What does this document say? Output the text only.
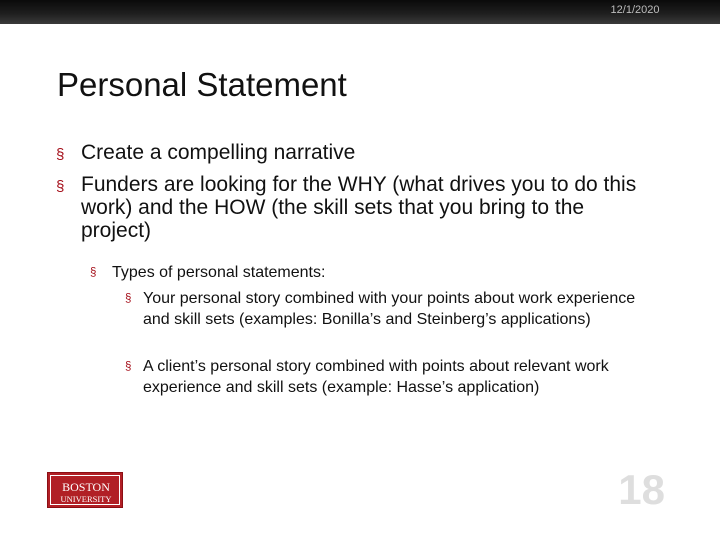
12/1/2020
Personal Statement
§ Create a compelling narrative
§ Funders are looking for the WHY (what drives you to do this work) and the HOW (the skill sets that you bring to the project)
§ Types of personal statements:
§ Your personal story combined with your points about work experience and skill sets (examples: Bonilla’s and Steinberg’s applications)
§ A client’s personal story combined with points about relevant work experience and skill sets (example: Hasse’s application)
BOSTON
UNIVERSITY	18
